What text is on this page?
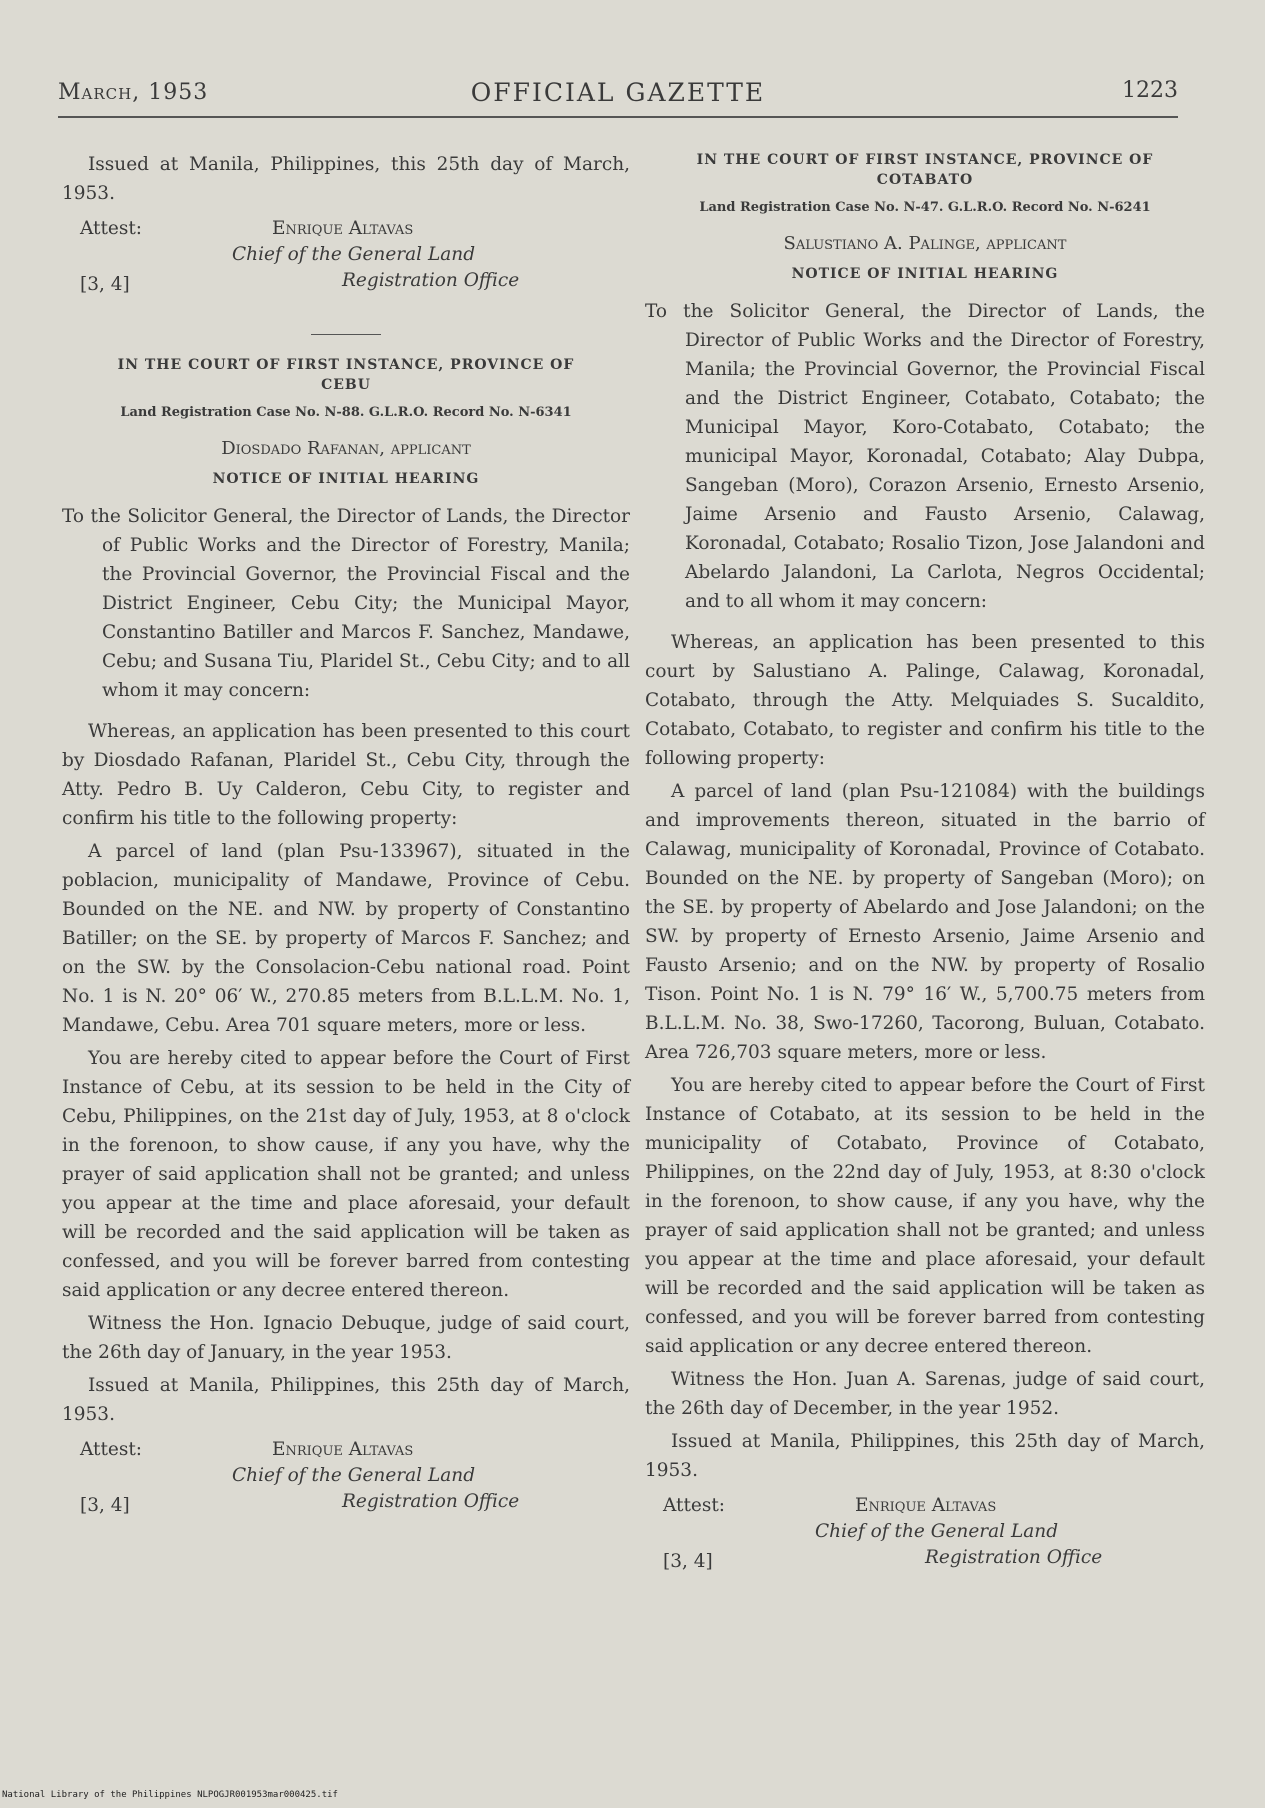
March, 1953	OFFICIAL GAZETTE	1223

Issued at Manila, Philippines, this 25th day of March, 1953.

Attest:	Enrique Altavas
Chief of the General Land
Registration Office
[3, 4]
IN THE COURT OF FIRST INSTANCE, PROVINCE OF CEBU
Land Registration Case No. N-88. G.L.R.O. Record No. N-6341
Diosdado Rafanan, applicant
NOTICE OF INITIAL HEARING

To the Solicitor General, the Director of Lands, the Director of Public Works and the Director of Forestry, Manila; the Provincial Governor, the Provincial Fiscal and the District Engineer, Cebu City; the Municipal Mayor, Constantino Batiller and Marcos F. Sanchez, Mandawe, Cebu; and Susana Tiu, Plaridel St., Cebu City; and to all whom it may concern:

Whereas, an application has been presented to this court by Diosdado Rafanan, Plaridel St., Cebu City, through the Atty. Pedro B. Uy Calderon, Cebu City, to register and confirm his title to the following property:

A parcel of land (plan Psu-133967), situated in the poblacion, municipality of Mandawe, Province of Cebu. Bounded on the NE. and NW. by property of Constantino Batiller; on the SE. by property of Marcos F. Sanchez; and on the SW. by the Consolacion-Cebu national road. Point No. 1 is N. 20° 06′ W., 270.85 meters from B.L.L.M. No. 1, Mandawe, Cebu. Area 701 square meters, more or less.

You are hereby cited to appear before the Court of First Instance of Cebu, at its session to be held in the City of Cebu, Philippines, on the 21st day of July, 1953, at 8 o'clock in the forenoon, to show cause, if any you have, why the prayer of said application shall not be granted; and unless you appear at the time and place aforesaid, your default will be recorded and the said application will be taken as confessed, and you will be forever barred from contesting said application or any decree entered thereon.

Witness the Hon. Ignacio Debuque, judge of said court, the 26th day of January, in the year 1953.

Issued at Manila, Philippines, this 25th day of March, 1953.

Attest:	Enrique Altavas
Chief of the General Land
Registration Office
[3, 4]
IN THE COURT OF FIRST INSTANCE, PROVINCE OF COTABATO
Land Registration Case No. N-47. G.L.R.O. Record No. N-6241
Salustiano A. Palinge, applicant
NOTICE OF INITIAL HEARING

To the Solicitor General, the Director of Lands, the Director of Public Works and the Director of Forestry, Manila; the Provincial Governor, the Provincial Fiscal and the District Engineer, Cotabato, Cotabato; the Municipal Mayor, Koro-Cotabato, Cotabato; the municipal Mayor, Koronadal, Cotabato; Alay Dubpa, Sangeban (Moro), Corazon Arsenio, Ernesto Arsenio, Jaime Arsenio and Fausto Arsenio, Calawag, Koronadal, Cotabato; Rosalio Tizon, Jose Jalandoni and Abelardo Jalandoni, La Carlota, Negros Occidental; and to all whom it may concern:

Whereas, an application has been presented to this court by Salustiano A. Palinge, Calawag, Koronadal, Cotabato, through the Atty. Melquiades S. Sucaldito, Cotabato, Cotabato, to register and confirm his title to the following property:

A parcel of land (plan Psu-121084) with the buildings and improvements thereon, situated in the barrio of Calawag, municipality of Koronadal, Province of Cotabato. Bounded on the NE. by property of Sangeban (Moro); on the SE. by property of Abelardo and Jose Jalandoni; on the SW. by property of Ernesto Arsenio, Jaime Arsenio and Fausto Arsenio; and on the NW. by property of Rosalio Tison. Point No. 1 is N. 79° 16′ W., 5,700.75 meters from B.L.L.M. No. 38, Swo-17260, Tacorong, Buluan, Cotabato. Area 726,703 square meters, more or less.

You are hereby cited to appear before the Court of First Instance of Cotabato, at its session to be held in the municipality of Cotabato, Province of Cotabato, Philippines, on the 22nd day of July, 1953, at 8:30 o'clock in the forenoon, to show cause, if any you have, why the prayer of said application shall not be granted; and unless you appear at the time and place aforesaid, your default will be recorded and the said application will be taken as confessed, and you will be forever barred from contesting said application or any decree entered thereon.

Witness the Hon. Juan A. Sarenas, judge of said court, the 26th day of December, in the year 1952.

Issued at Manila, Philippines, this 25th day of March, 1953.

Attest:	Enrique Altavas
Chief of the General Land
Registration Office
[3, 4]
National Library of the Philippines NLPOGJR001953mar000425.tif
